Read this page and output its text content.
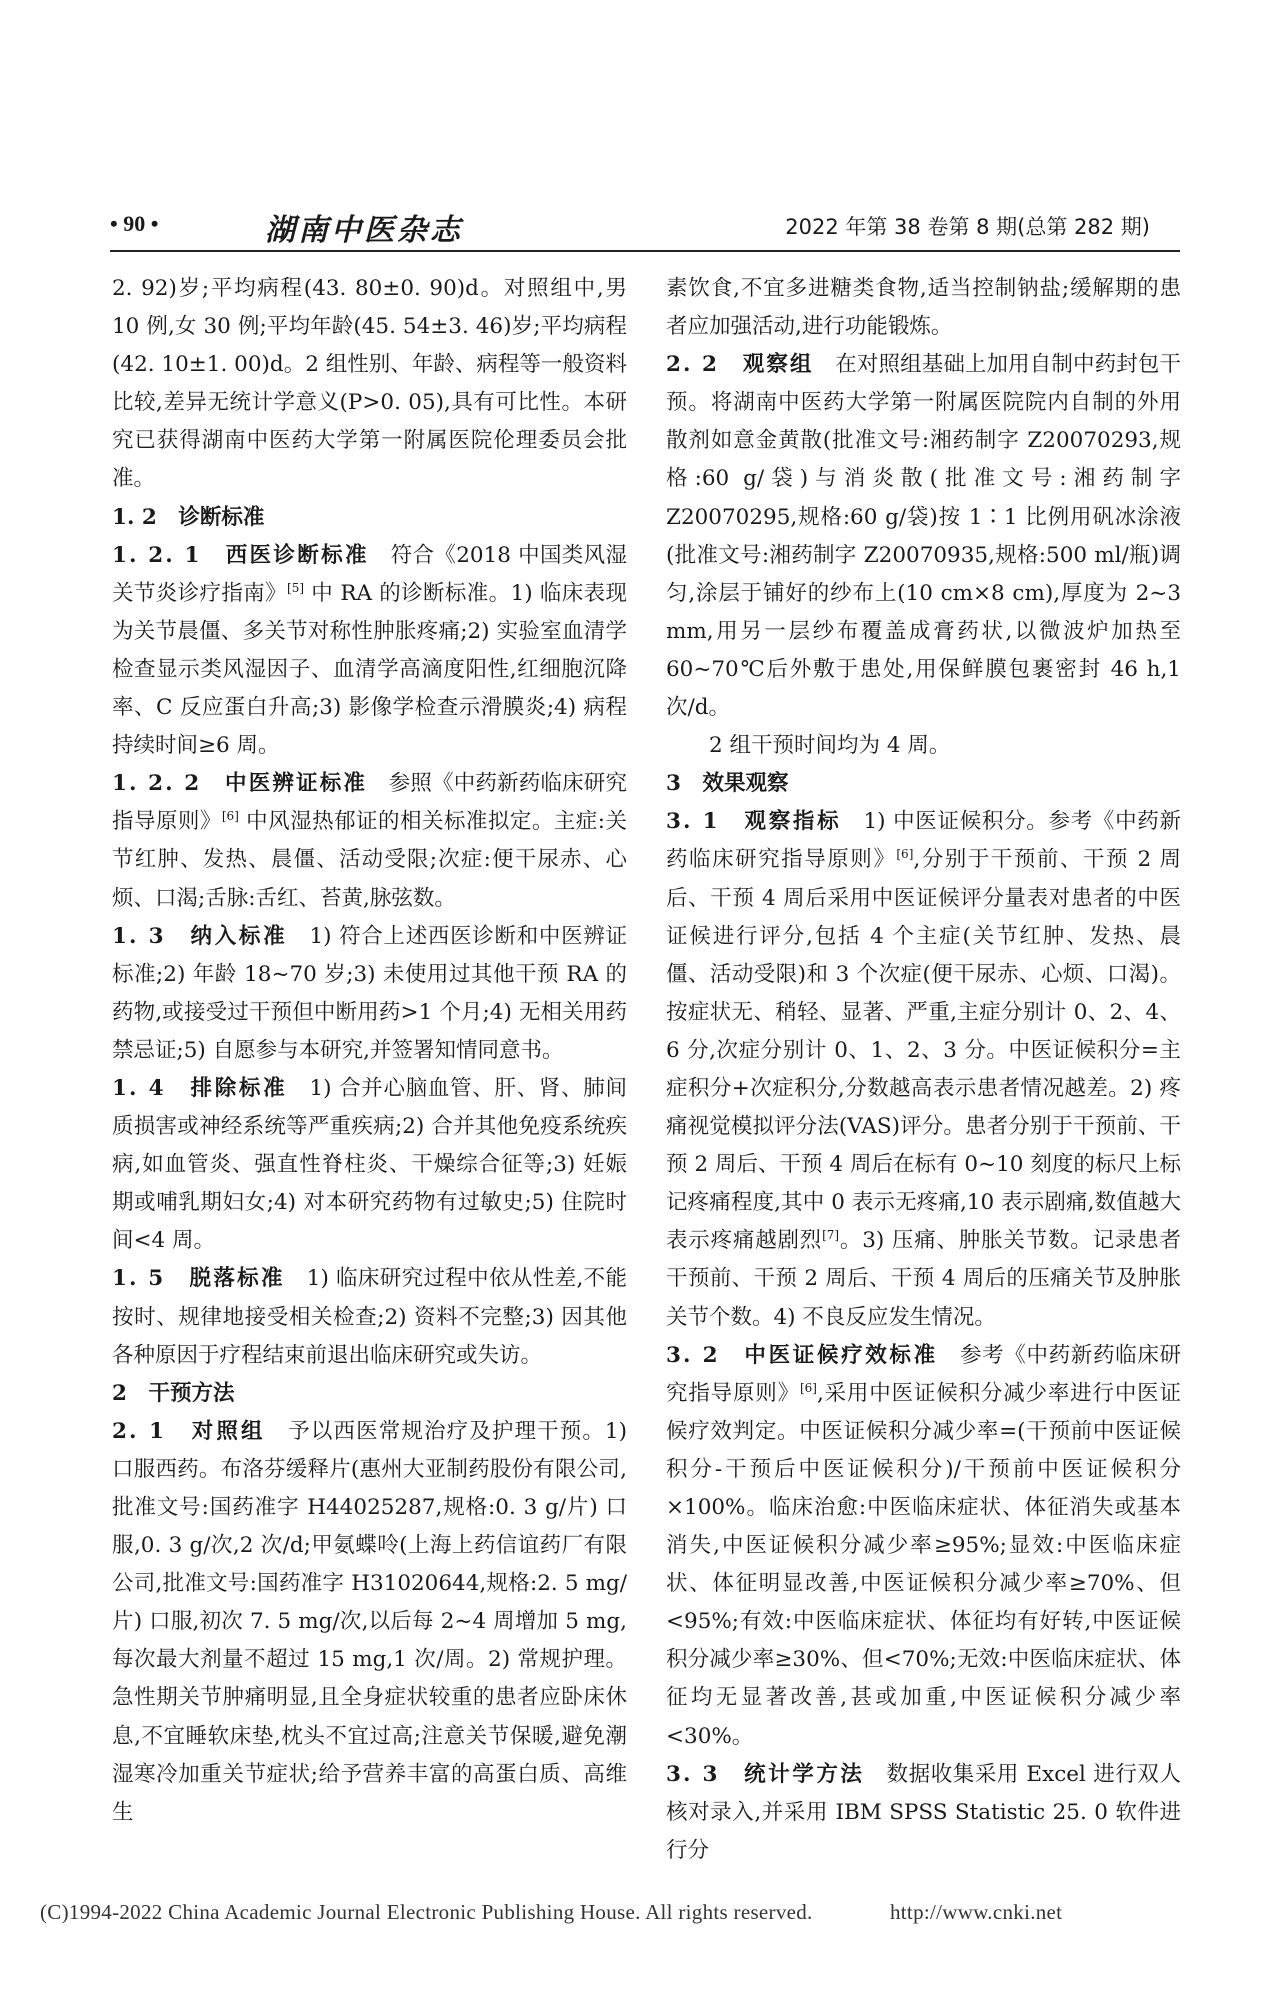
• 90 •	湖南中医杂志	2022 年第 38 卷第 8 期(总第 282 期)
2. 92)岁;平均病程(43. 80±0. 90)d。对照组中,男 10 例,女 30 例;平均年龄(45. 54±3. 46)岁;平均病程(42. 10±1. 00)d。2 组性别、年龄、病程等一般资料比较,差异无统计学意义(P>0. 05),具有可比性。本研究已获得湖南中医药大学第一附属医院伦理委员会批准。
1. 2　诊断标准
1. 2. 1　西医诊断标准　符合《2018 中国类风湿关节炎诊疗指南》[5] 中 RA 的诊断标准。1) 临床表现为关节晨僵、多关节对称性肿胀疼痛;2) 实验室血清学检查显示类风湿因子、血清学高滴度阳性,红细胞沉降率、C 反应蛋白升高;3) 影像学检查示滑膜炎;4) 病程持续时间≥6 周。
1. 2. 2　中医辨证标准　参照《中药新药临床研究指导原则》[6] 中风湿热郁证的相关标准拟定。主症:关节红肿、发热、晨僵、活动受限;次症:便干尿赤、心烦、口渴;舌脉:舌红、苔黄,脉弦数。
1. 3　纳入标准　1) 符合上述西医诊断和中医辨证标准;2) 年龄 18~70 岁;3) 未使用过其他干预 RA 的药物,或接受过干预但中断用药>1 个月;4) 无相关用药禁忌证;5) 自愿参与本研究,并签署知情同意书。
1. 4　排除标准　1) 合并心脑血管、肝、肾、肺间质损害或神经系统等严重疾病;2) 合并其他免疫系统疾病,如血管炎、强直性脊柱炎、干燥综合征等;3) 妊娠期或哺乳期妇女;4) 对本研究药物有过敏史;5) 住院时间<4 周。
1. 5　脱落标准　1) 临床研究过程中依从性差,不能按时、规律地接受相关检查;2) 资料不完整;3) 因其他各种原因于疗程结束前退出临床研究或失访。
2　干预方法
2. 1　对照组　予以西医常规治疗及护理干预。1) 口服西药。布洛芬缓释片(惠州大亚制药股份有限公司,批准文号:国药准字 H44025287,规格:0. 3 g/片) 口服,0. 3 g/次,2 次/d;甲氨蝶呤(上海上药信谊药厂有限公司,批准文号:国药准字 H31020644,规格:2. 5 mg/片) 口服,初次 7. 5 mg/次,以后每 2~4 周增加 5 mg,每次最大剂量不超过 15 mg,1 次/周。2) 常规护理。急性期关节肿痛明显,且全身症状较重的患者应卧床休息,不宜睡软床垫,枕头不宜过高;注意关节保暖,避免潮湿寒冷加重关节症状;给予营养丰富的高蛋白质、高维生
素饮食,不宜多进糖类食物,适当控制钠盐;缓解期的患者应加强活动,进行功能锻炼。
2. 2　观察组　在对照组基础上加用自制中药封包干预。将湖南中医药大学第一附属医院院内自制的外用散剂如意金黄散(批准文号:湘药制字 Z20070293,规格:60 g/袋)与消炎散(批准文号:湘药制字 Z20070295,规格:60 g/袋)按 1∶1 比例用矾冰涂液(批准文号:湘药制字 Z20070935,规格:500 ml/瓶)调匀,涂层于铺好的纱布上(10 cm×8 cm),厚度为 2~3 mm,用另一层纱布覆盖成膏药状,以微波炉加热至 60~70℃后外敷于患处,用保鲜膜包裹密封 46 h,1 次/d。
2 组干预时间均为 4 周。
3　效果观察
3. 1　观察指标　1) 中医证候积分。参考《中药新药临床研究指导原则》[6],分别于干预前、干预 2 周后、干预 4 周后采用中医证候评分量表对患者的中医证候进行评分,包括 4 个主症(关节红肿、发热、晨僵、活动受限)和 3 个次症(便干尿赤、心烦、口渴)。按症状无、稍轻、显著、严重,主症分别计 0、2、4、6 分,次症分别计 0、1、2、3 分。中医证候积分=主症积分+次症积分,分数越高表示患者情况越差。2) 疼痛视觉模拟评分法(VAS)评分。患者分别于干预前、干预 2 周后、干预 4 周后在标有 0~10 刻度的标尺上标记疼痛程度,其中 0 表示无疼痛,10 表示剧痛,数值越大表示疼痛越剧烈[7]。3) 压痛、肿胀关节数。记录患者干预前、干预 2 周后、干预 4 周后的压痛关节及肿胀关节个数。4) 不良反应发生情况。
3. 2　中医证候疗效标准　参考《中药新药临床研究指导原则》[6],采用中医证候积分减少率进行中医证候疗效判定。中医证候积分减少率=(干预前中医证候积分-干预后中医证候积分)/干预前中医证候积分×100%。临床治愈:中医临床症状、体征消失或基本消失,中医证候积分减少率≥95%;显效:中医临床症状、体征明显改善,中医证候积分减少率≥70%、但<95%;有效:中医临床症状、体征均有好转,中医证候积分减少率≥30%、但<70%;无效:中医临床症状、体征均无显著改善,甚或加重,中医证候积分减少率<30%。
3. 3　统计学方法　数据收集采用 Excel 进行双人核对录入,并采用 IBM SPSS Statistic 25. 0 软件进行分
(C)1994-2022 China Academic Journal Electronic Publishing House. All rights reserved.	http://www.cnki.net
